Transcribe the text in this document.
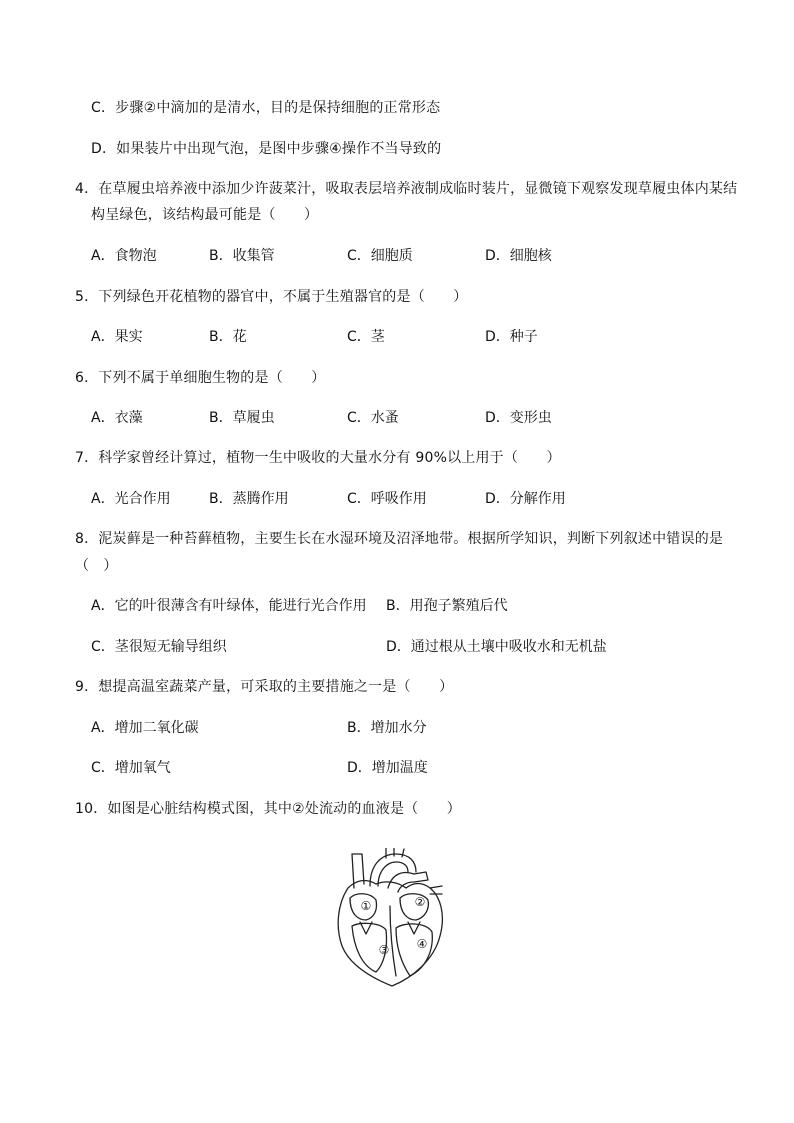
C．步骤②中滴加的是清水，目的是保持细胞的正常形态
D．如果装片中出现气泡，是图中步骤④操作不当导致的
4．在草履虫培养液中添加少许菠菜汁，吸取表层培养液制成临时装片，显微镜下观察发现草履虫体内某结
构呈绿色，该结构最可能是（　　）
A．食物泡	B．收集管	C．细胞质	D．细胞核
5．下列绿色开花植物的器官中，不属于生殖器官的是（　　）
A．果实	B．花	C．茎	D．种子
6．下列不属于单细胞生物的是（　　）
A．衣藻	B．草履虫	C．水蚤	D．变形虫
7．科学家曾经计算过，植物一生中吸收的大量水分有 90%以上用于（　　）
A．光合作用	B．蒸腾作用	C．呼吸作用	D．分解作用
8．泥炭藓是一种苔藓植物，主要生长在水湿环境及沼泽地带。根据所学知识，判断下列叙述中错误的是
（　）
A．它的叶很薄含有叶绿体，能进行光合作用 B．用孢子繁殖后代
C．茎很短无输导组织	D．通过根从土壤中吸收水和无机盐
9．想提高温室蔬菜产量，可采取的主要措施之一是（　　）
A．增加二氧化碳	B．增加水分
C．增加氧气	D．增加温度
10．如图是心脏结构模式图，其中②处流动的血液是（　　）
①	②
③ ④
